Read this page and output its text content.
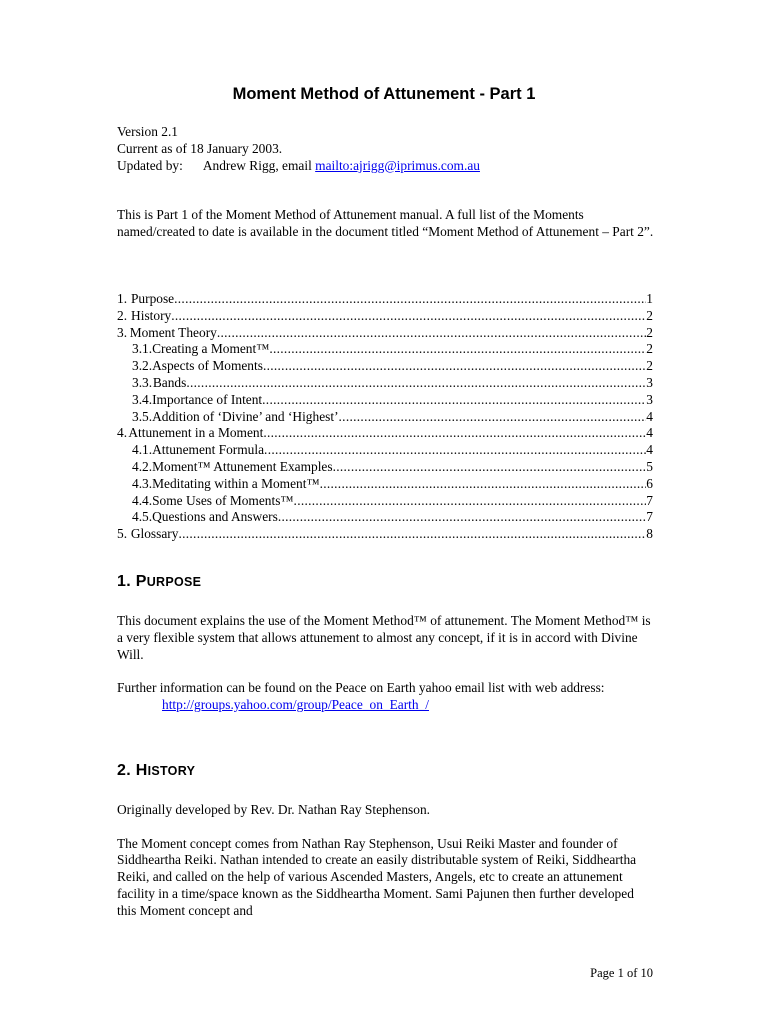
Moment Method of Attunement - Part 1
Version 2.1
Current as of 18 January 2003.
Updated by: Andrew Rigg, email mailto:ajrigg@iprimus.com.au
This is Part 1 of the Moment Method of Attunement manual. A full list of the Moments named/created to date is available in the document titled “Moment Method of Attunement – Part 2”.
1. Purpose .....	1
2. History .....	2
3. Moment Theory .....	2
3.1. Creating a Moment™ .....	2
3.2. Aspects of Moments .....	2
3.3. Bands .....	3
3.4. Importance of Intent .....	3
3.5. Addition of ‘Divine’ and ‘Highest’ .....	4
4. Attunement in a Moment .....	4
4.1. Attunement Formula .....	4
4.2. Moment™ Attunement Examples .....	5
4.3. Meditating within a Moment™ .....	6
4.4. Some Uses of Moments™ .....	7
4.5. Questions and Answers .....	7
5. Glossary .....	8
1. PURPOSE

This document explains the use of the Moment Method™ of attunement. The Moment Method™ is a very flexible system that allows attunement to almost any concept, if it is in accord with Divine Will.

Further information can be found on the Peace on Earth yahoo email list with web address:

http://groups.yahoo.com/group/Peace_on_Earth_/
2. HISTORY

Originally developed by Rev. Dr. Nathan Ray Stephenson.

The Moment concept comes from Nathan Ray Stephenson, Usui Reiki Master and founder of Siddheartha Reiki. Nathan intended to create an easily distributable system of Reiki, Siddheartha Reiki, and called on the help of various Ascended Masters, Angels, etc to create an attunement facility in a time/space known as the Siddheartha Moment. Sami Pajunen then further developed this Moment concept and

Page 1 of 10
